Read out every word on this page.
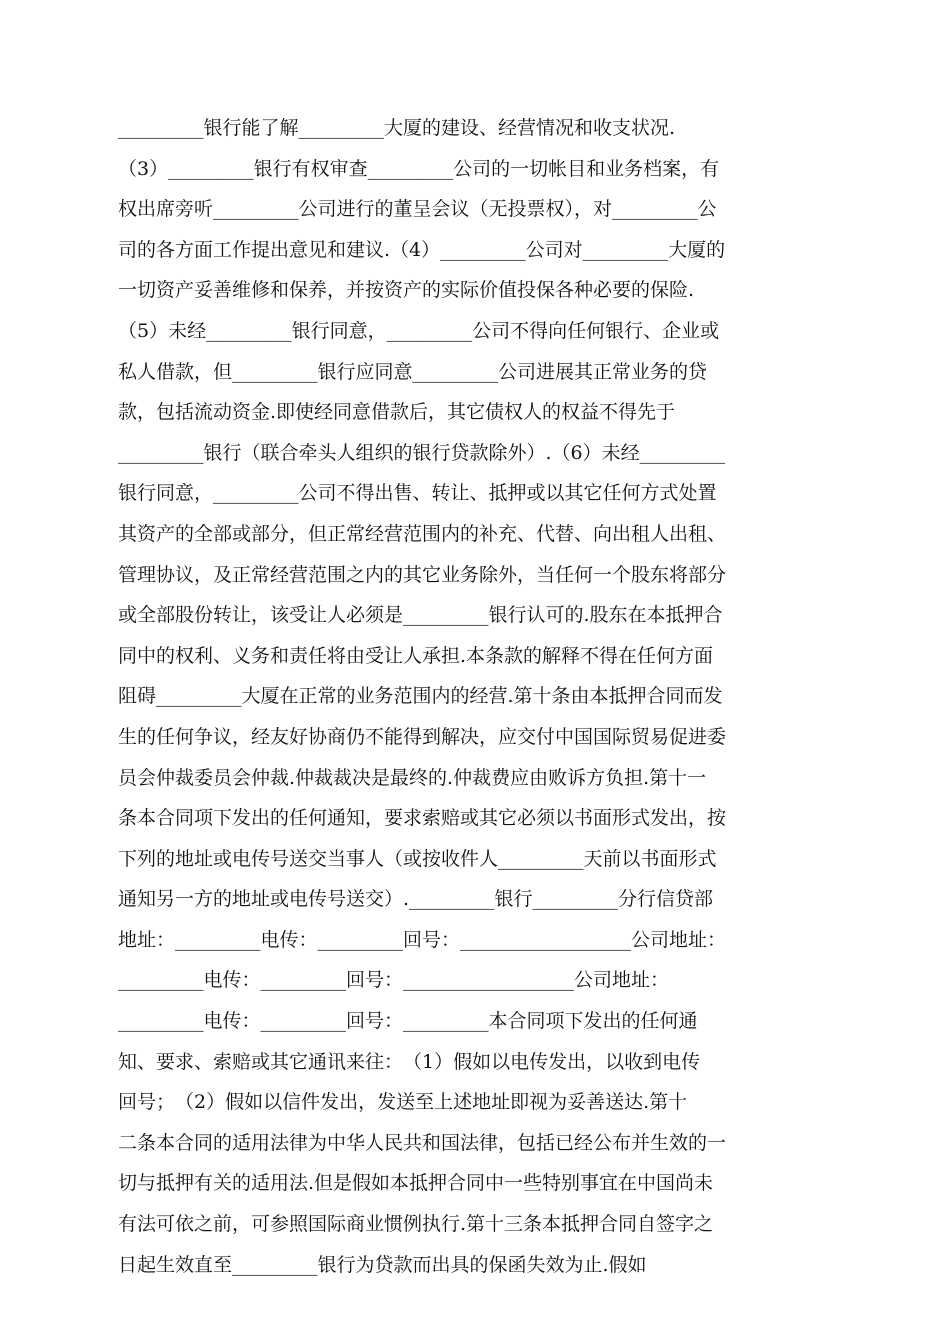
_________银行能了解_________大厦的建设、经营情况和收支状况.
（3）_________银行有权审查_________公司的一切帐目和业务档案，有
权出席旁听_________公司进行的董呈会议（无投票权），对_________公
司的各方面工作提出意见和建议.（4）_________公司对_________大厦的
一切资产妥善维修和保养，并按资产的实际价值投保各种必要的保险.
（5）未经_________银行同意，_________公司不得向任何银行、企业或
私人借款，但_________银行应同意_________公司进展其正常业务的贷
款，包括流动资金.即使经同意借款后，其它债权人的权益不得先于
_________银行（联合牵头人组织的银行贷款除外）.（6）未经_________
银行同意，_________公司不得出售、转让、抵押或以其它任何方式处置
其资产的全部或部分，但正常经营范围内的补充、代替、向出租人出租、
管理协议，及正常经营范围之内的其它业务除外，当任何一个股东将部分
或全部股份转让，该受让人必须是_________银行认可的.股东在本抵押合
同中的权利、义务和责任将由受让人承担.本条款的解释不得在任何方面
阻碍_________大厦在正常的业务范围内的经营.第十条由本抵押合同而发
生的任何争议，经友好协商仍不能得到解决，应交付中国国际贸易促进委
员会仲裁委员会仲裁.仲裁裁决是最终的.仲裁费应由败诉方负担.第十一
条本合同项下发出的任何通知，要求索赔或其它必须以书面形式发出，按
下列的地址或电传号送交当事人（或按收件人_________天前以书面形式
通知另一方的地址或电传号送交）._________银行_________分行信贷部
地址：_________电传：_________回号：__________________公司地址：
_________电传：_________回号：__________________公司地址：
_________电传：_________回号：_________本合同项下发出的任何通
知、要求、索赔或其它通讯来往：　（1）假如以电传发出，以收到电传
回号；　（2）假如以信件发出，发送至上述地址即视为妥善送达.第十
二条本合同的适用法律为中华人民共和国法律，包括已经公布并生效的一
切与抵押有关的适用法.但是假如本抵押合同中一些特别事宜在中国尚未
有法可依之前，可参照国际商业惯例执行.第十三条本抵押合同自签字之
日起生效直至_________银行为贷款而出具的保函失效为止.假如
